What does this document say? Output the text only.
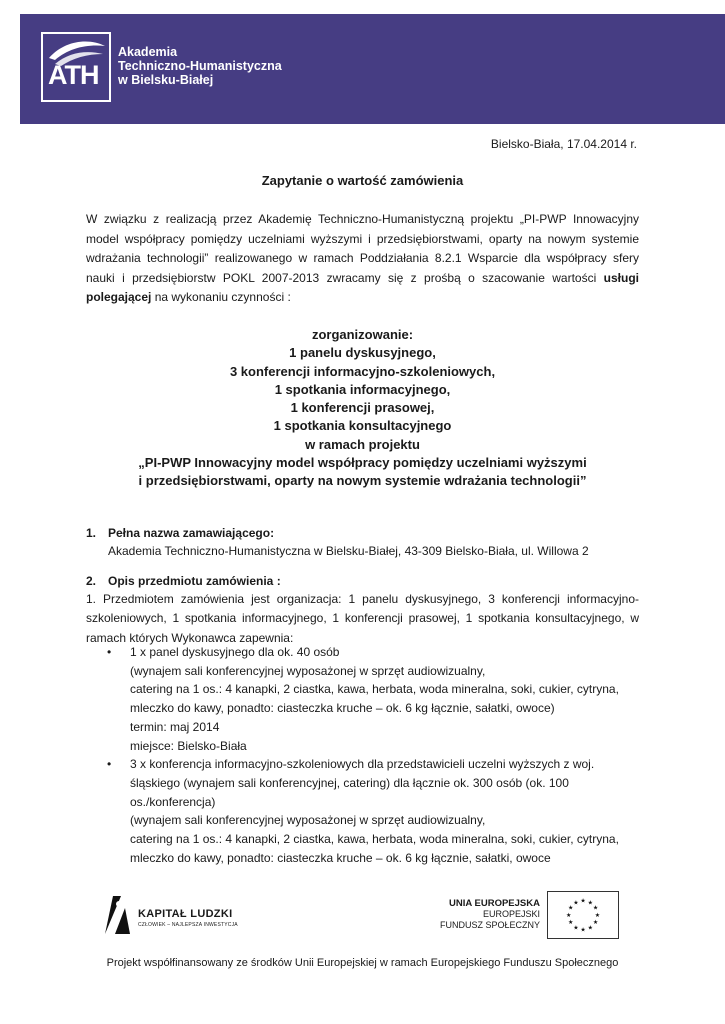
ATH
Akademia
Techniczno-Humanistyczna
w Bielsku-Białej
Bielsko-Biała, 17.04.2014 r.
Zapytanie o wartość zamówienia
W związku z realizacją przez Akademię Techniczno-Humanistyczną projektu „PI-PWP Innowacyjny model współpracy pomiędzy uczelniami wyższymi i przedsiębiorstwami, oparty na nowym systemie wdrażania technologii” realizowanego w ramach Poddziałania 8.2.1 Wsparcie dla współpracy sfery nauki i przedsiębiorstw POKL 2007-2013 zwracamy się z prośbą o szacowanie wartości usługi polegającej na wykonaniu czynności :
zorganizowanie:
1 panelu dyskusyjnego,
3 konferencji informacyjno-szkoleniowych,
1 spotkania informacyjnego,
1 konferencji prasowej,
1 spotkania konsultacyjnego
w ramach projektu
„PI-PWP Innowacyjny model współpracy pomiędzy uczelniami wyższymi
i przedsiębiorstwami, oparty na nowym systemie wdrażania technologii”
1. Pełna nazwa zamawiającego:
Akademia Techniczno-Humanistyczna w Bielsku-Białej, 43-309 Bielsko-Biała, ul. Willowa 2
2. Opis przedmiotu zamówienia :
1. Przedmiotem zamówienia jest organizacja: 1 panelu dyskusyjnego, 3 konferencji informacyjno-szkoleniowych, 1 spotkania informacyjnego, 1 konferencji prasowej, 1 spotkania konsultacyjnego, w ramach których Wykonawca zapewnia:
• 1 x panel dyskusyjnego dla ok. 40 osób
(wynajem sali konferencyjnej wyposażonej w sprzęt audiowizualny,
catering na 1 os.: 4 kanapki, 2 ciastka, kawa, herbata, woda mineralna, soki, cukier, cytryna,
mleczko do kawy, ponadto: ciasteczka kruche – ok. 6 kg łącznie, sałatki, owoce)
termin: maj 2014
miejsce: Bielsko-Biała
• 3 x konferencja informacyjno-szkoleniowych dla przedstawicieli uczelni wyższych z woj.
śląskiego (wynajem sali konferencyjnej, catering) dla łącznie ok. 300 osób (ok. 100
os./konferencja)
(wynajem sali konferencyjnej wyposażonej w sprzęt audiowizualny,
catering na 1 os.: 4 kanapki, 2 ciastka, kawa, herbata, woda mineralna, soki, cukier, cytryna,
mleczko do kawy, ponadto: ciasteczka kruche – ok. 6 kg łącznie, sałatki, owoce
KAPITAŁ LUDZKI
CZŁOWIEK – NAJLEPSZA INWESTYCJA
UNIA EUROPEJSKA
EUROPEJSKI
FUNDUSZ SPOŁECZNY
★
★
★
★
★
★
★
★
★ ★ ★
★
Projekt współfinansowany ze środków Unii Europejskiej w ramach Europejskiego Funduszu Społecznego
